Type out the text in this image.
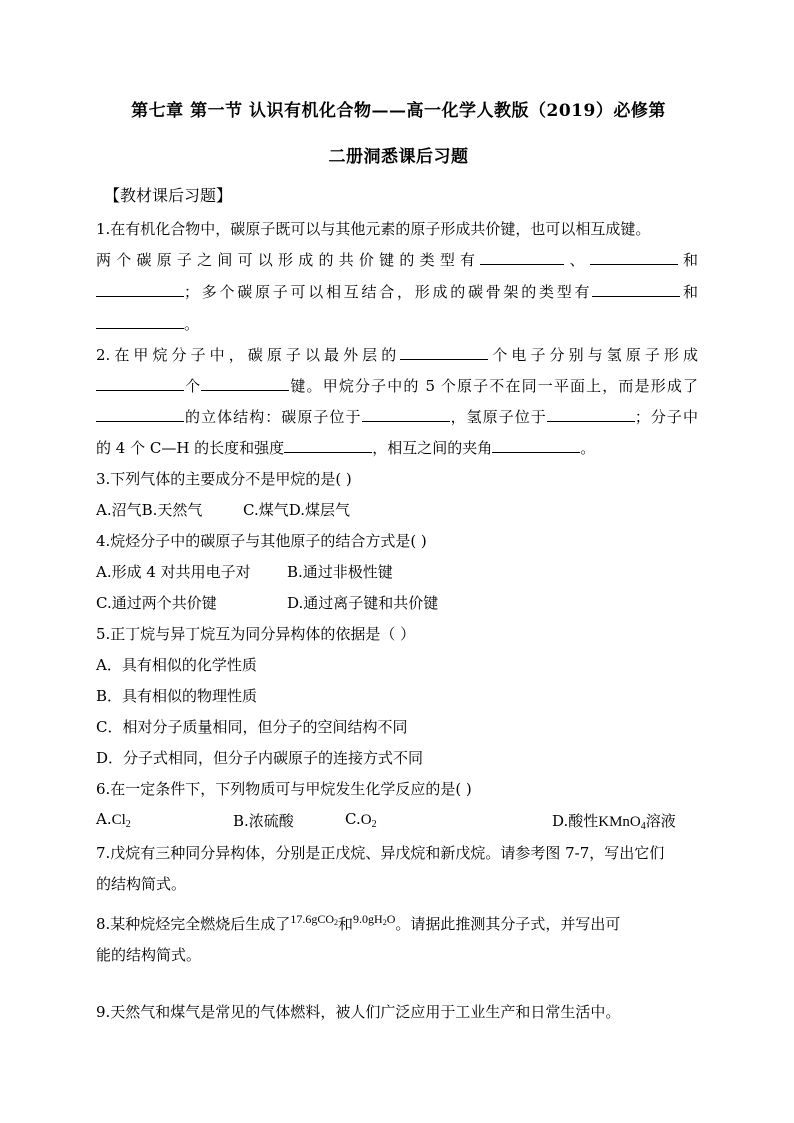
第七章 第一节 认识有机化合物——高一化学人教版（2019）必修第
二册洞悉课后习题
【教材课后习题】
1.在有机化合物中，碳原子既可以与其他元素的原子形成共价键，也可以相互成键。
两个碳原子之间可以形成的共价键的类型有	、	和
；多个碳原子可以相互结合，形成的碳骨架的类型有	和
。
2.在甲烷分子中，碳原子以最外层的	个电子分别与氢原子形成
个	键。甲烷分子中的 5 个原子不在同一平面上，而是形成了
的立体结构：碳原子位于	，氢原子位于	；分子中
的 4 个 C—H 的长度和强度	，相互之间的夹角	。
3.下列气体的主要成分不是甲烷的是( )
A.沼气B.天然气	C.煤气D.煤层气
4.烷烃分子中的碳原子与其他原子的结合方式是( )
A.形成 4 对共用电子对 B.通过非极性键
C.通过两个共价键	D.通过离子键和共价键
5.正丁烷与异丁烷互为同分异构体的依据是（ ）
A．具有相似的化学性质
B．具有相似的物理性质
C．相对分子质量相同，但分子的空间结构不同
D．分子式相同，但分子内碳原子的连接方式不同
6.在一定条件下，下列物质可与甲烷发生化学反应的是( )
$A.Cl_2$	B.浓硫酸	$C.O_2$	D.酸性KMnO$_4$溶液
7.戊烷有三种同分异构体，分别是正戊烷、异戊烷和新戊烷。请参考图 7-7，写出它们
的结构简式。
8.某种烷烃完全燃烧后生成了$^{17.6gCO_2}$和$^{9.0gH_2O}$。请据此推测其分子式，并写出可
能的结构简式。
9.天然气和煤气是常见的气体燃料，被人们广泛应用于工业生产和日常生活中。
